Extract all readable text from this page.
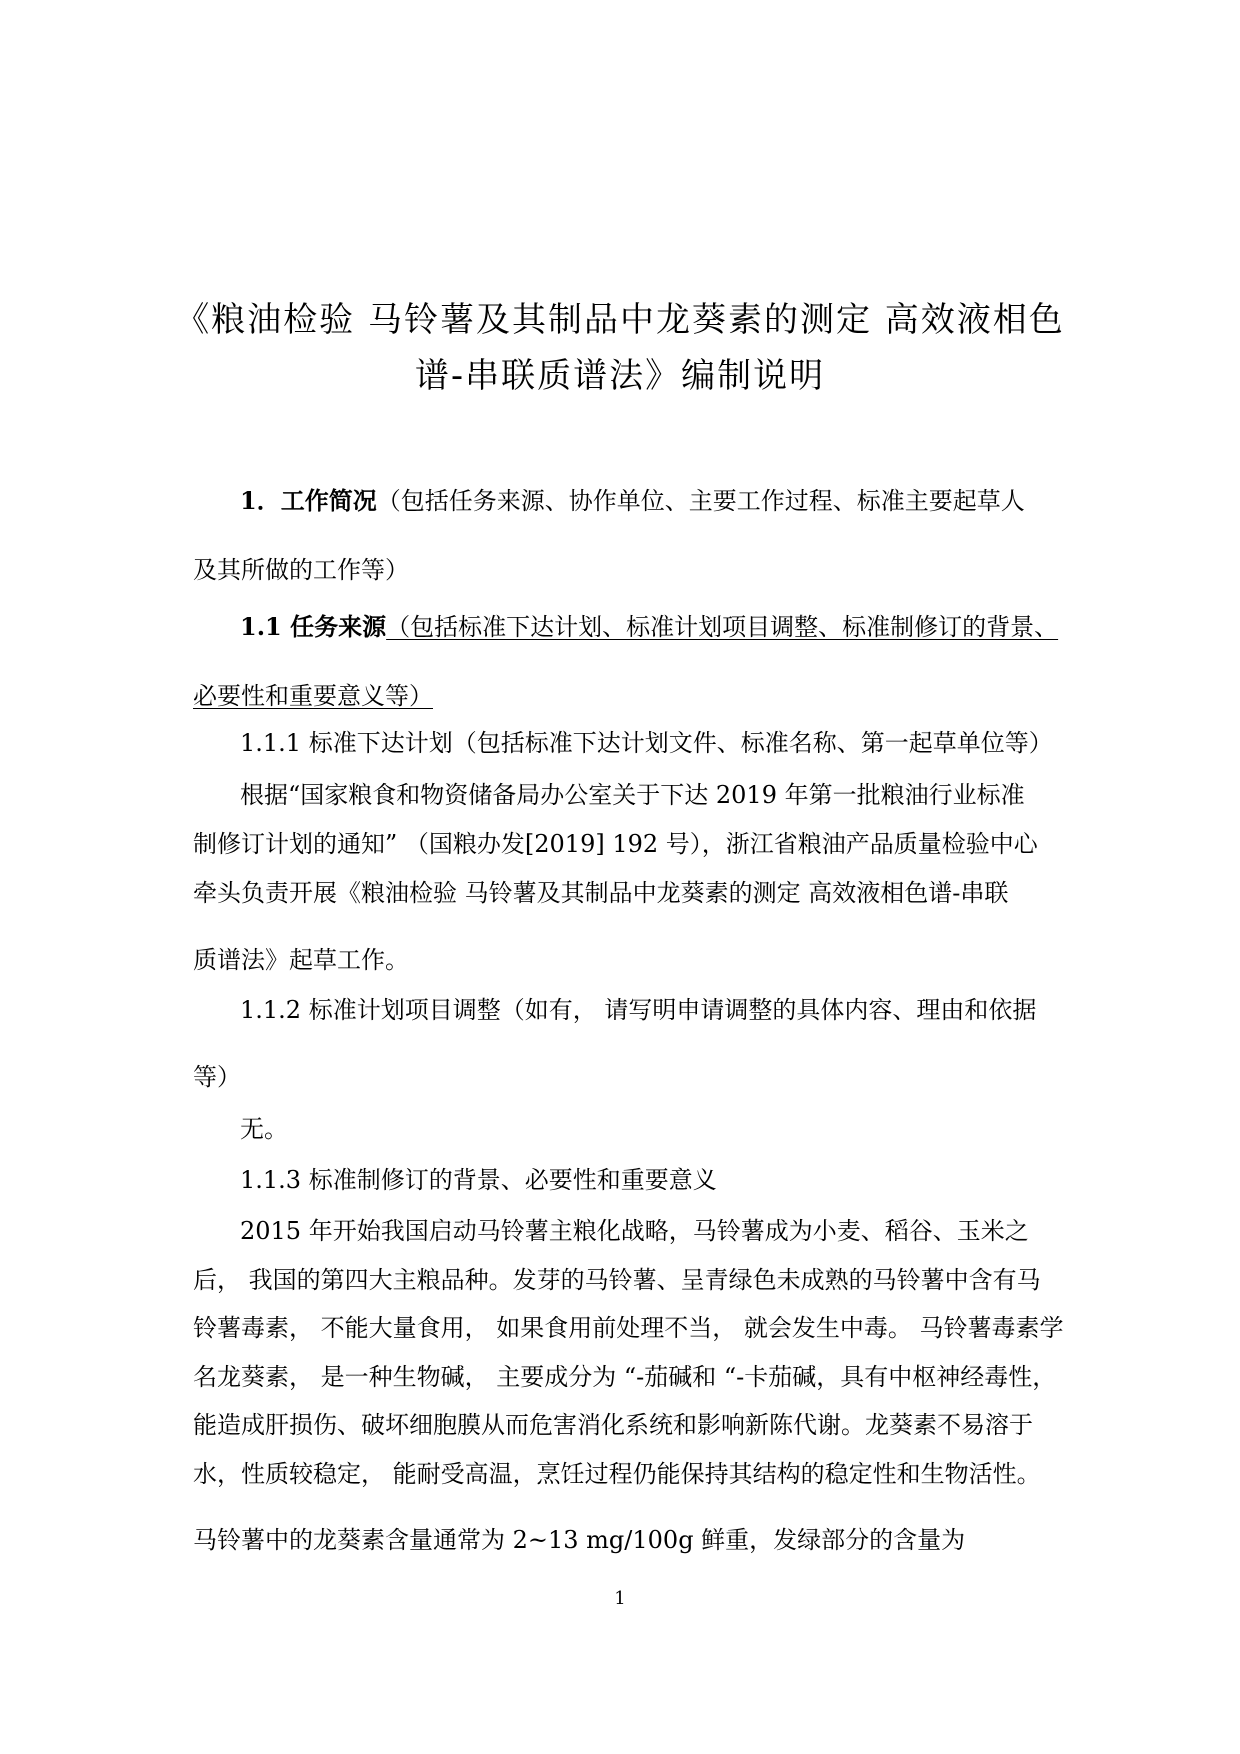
《粮油检验 马铃薯及其制品中龙葵素的测定 高效液相色
谱-串联质谱法》编制说明
1．工作简况（包括任务来源、协作单位、主要工作过程、标准主要起草人
及其所做的工作等）
1.1 任务来源（包括标准下达计划、标准计划项目调整、标准制修订的背景、
必要性和重要意义等）
1.1.1 标准下达计划（包括标准下达计划文件、标准名称、第一起草单位等）
根据“国家粮食和物资储备局办公室关于下达 2019 年第一批粮油行业标准
制修订计划的通知” （国粮办发[2019] 192 号），浙江省粮油产品质量检验中心
牵头负责开展《粮油检验 马铃薯及其制品中龙葵素的测定 高效液相色谱-串联
质谱法》起草工作。
1.1.2 标准计划项目调整（如有， 请写明申请调整的具体内容、理由和依据
等）
无。
1.1.3 标准制修订的背景、必要性和重要意义
2015 年开始我国启动马铃薯主粮化战略，马铃薯成为小麦、稻谷、玉米之
后， 我国的第四大主粮品种。发芽的马铃薯、呈青绿色未成熟的马铃薯中含有马
铃薯毒素， 不能大量食用， 如果食用前处理不当， 就会发生中毒。 马铃薯毒素学
名龙葵素， 是一种生物碱， 主要成分为 “-茄碱和 “-卡茄碱，具有中枢神经毒性，
能造成肝损伤、破坏细胞膜从而危害消化系统和影响新陈代谢。龙葵素不易溶于
水，性质较稳定， 能耐受高温，烹饪过程仍能保持其结构的稳定性和生物活性。
马铃薯中的龙葵素含量通常为 2~13 mg/100g 鲜重，发绿部分的含量为
1
